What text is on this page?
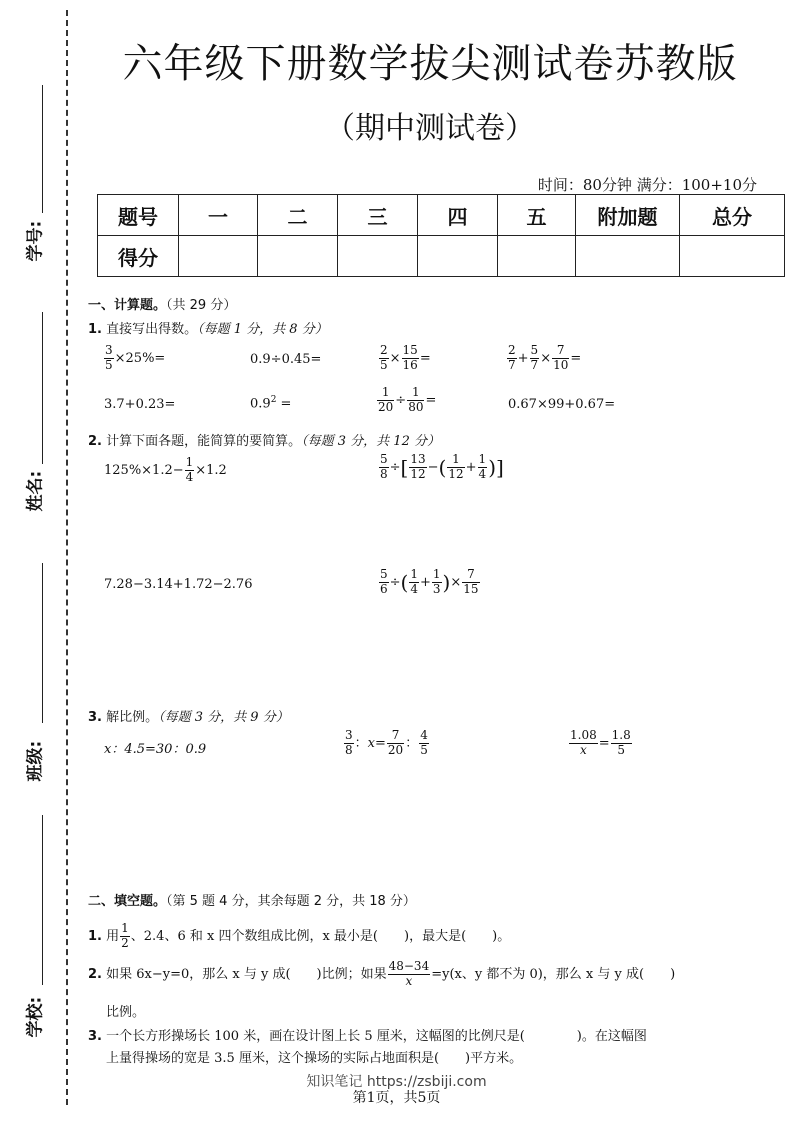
学号:
姓名:
班级:
学校:
六年级下册数学拔尖测试卷苏教版
（期中测试卷）
时间：80分钟 满分：100+10分
题号	一	二	三	四	五	附加题	总分
得分							
一、计算题。（共 29 分）
1. 直接写出得数。（每题 1 分，共 8 分）
$\frac{3}{5} \times 25\%=$	0.9÷0.45=	$\frac{2}{5} \times \frac{15}{16}$ =	$\frac{2}{7} + \frac{5}{7} \times \frac{7}{10}$ =
3.7+0.23=	$0.9^2$ =	$\frac{1}{20} \div \frac{1}{80}$ =	0.67×99+0.67=
2. 计算下面各题，能简算的要简算。（每题 3 分，共 12 分）
$125\%\times 1.2- \frac{1}{4} \times 1.2$	$\frac{5}{8}$ ÷[ $\frac{13}{12}$ −( $\frac{1}{12} + \frac{1}{4}$ )]
7.28−3.14+1.72−2.76	$\frac{5}{6}$ ÷( $\frac{1}{4} + \frac{1}{3}$ )× $\frac{7}{15}$
3. 解比例。（每题 3 分，共 9 分）
x：4.5=30：0.9	$\frac{3}{8}$ ：$x= \frac{7}{20}$ ： $\frac{4}{5}$	$\frac{1.08}{x}= \frac{1.8}{5}$
二、填空题。（第 5 题 4 分，其余每题 2 分，共 18 分）
1. 用 $\frac{1}{2}$ 、2.4、6 和 x 四个数组成比例，x 最小是(　　)，最大是(　　)。
2. 如果 6x−y=0，那么 x 与 y 成(　　)比例；如果 $\frac{48-34}{x}=y(x$、y 都不为 0)，那么 x 与 y 成(　　)
比例。
3. 一个长方形操场长 100 米，画在设计图上长 5 厘米，这幅图的比例尺是(　　　　)。在这幅图
上量得操场的宽是 3.5 厘米，这个操场的实际占地面积是(　　)平方米。
知识笔记 https://zsbiji.com
第1页，共5页
